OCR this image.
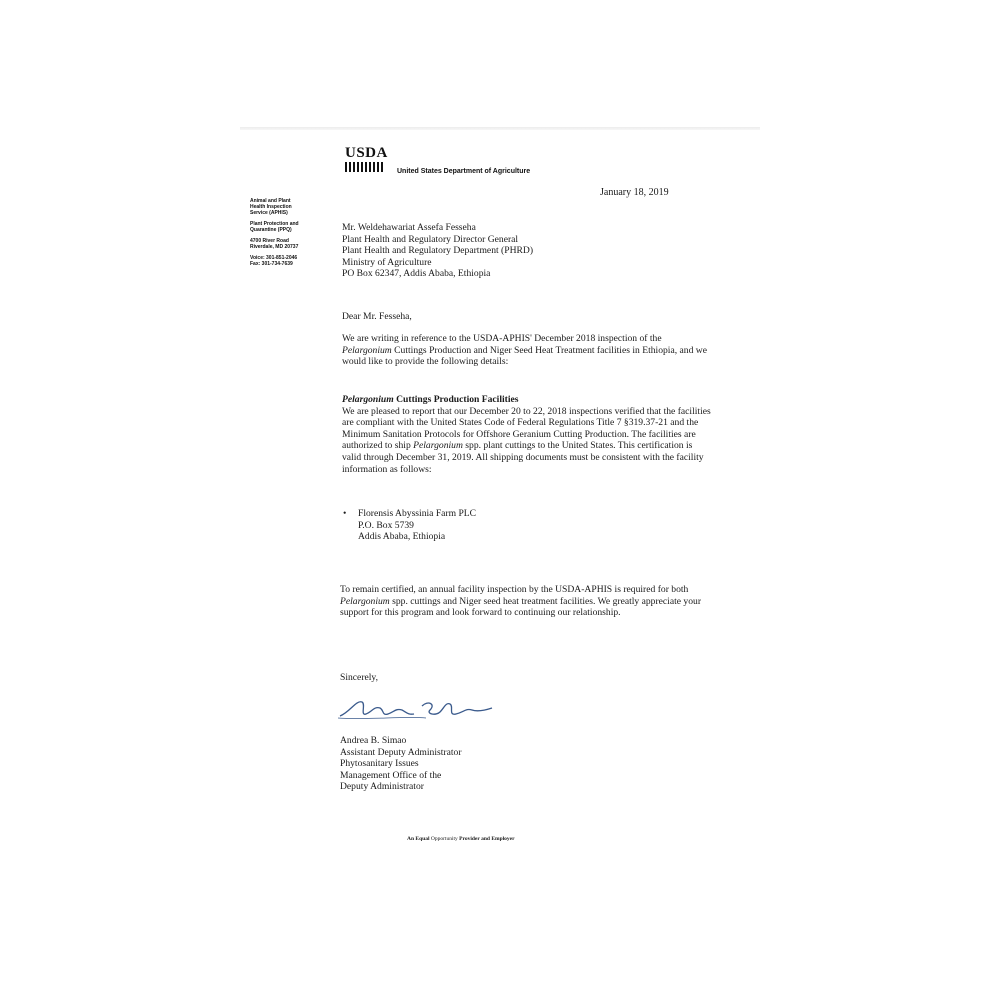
USDA
United States Department of Agriculture
January 18, 2019
Animal and Plant
Health Inspection
Service (APHIS)
Plant Protection and
Quarantine (PPQ)
4700 River Road
Riverdale, MD 20737
Voice: 301-851-2046
Fax: 301-734-7639

Mr. Weldehawariat Assefa Fesseha

Plant Health and Regulatory Director General

Plant Health and Regulatory Department (PHRD)

Ministry of Agriculture

PO Box 62347, Addis Ababa, Ethiopia

Dear Mr. Fesseha,
We are writing in reference to the USDA-APHIS' December 2018 inspection of the Pelargonium Cuttings Production and Niger Seed Heat Treatment facilities in Ethiopia, and we would like to provide the following details:
Pelargonium Cuttings Production Facilities
We are pleased to report that our December 20 to 22, 2018 inspections verified that the facilities are compliant with the United States Code of Federal Regulations Title 7 §319.37-21 and the Minimum Sanitation Protocols for Offshore Geranium Cutting Production. The facilities are authorized to ship Pelargonium spp. plant cuttings to the United States. This certification is valid through December 31, 2019. All shipping documents must be consistent with the facility information as follows:
• Florensis Abyssinia Farm PLC
P.O. Box 5739
Addis Ababa, Ethiopia
To remain certified, an annual facility inspection by the USDA-APHIS is required for both Pelargonium spp. cuttings and Niger seed heat treatment facilities. We greatly appreciate your support for this program and look forward to continuing our relationship.
Sincerely,
Andrea B. Simao
Assistant Deputy Administrator
Phytosanitary Issues
Management Office of the
Deputy Administrator
An Equal Opportunity Provider and Employer
